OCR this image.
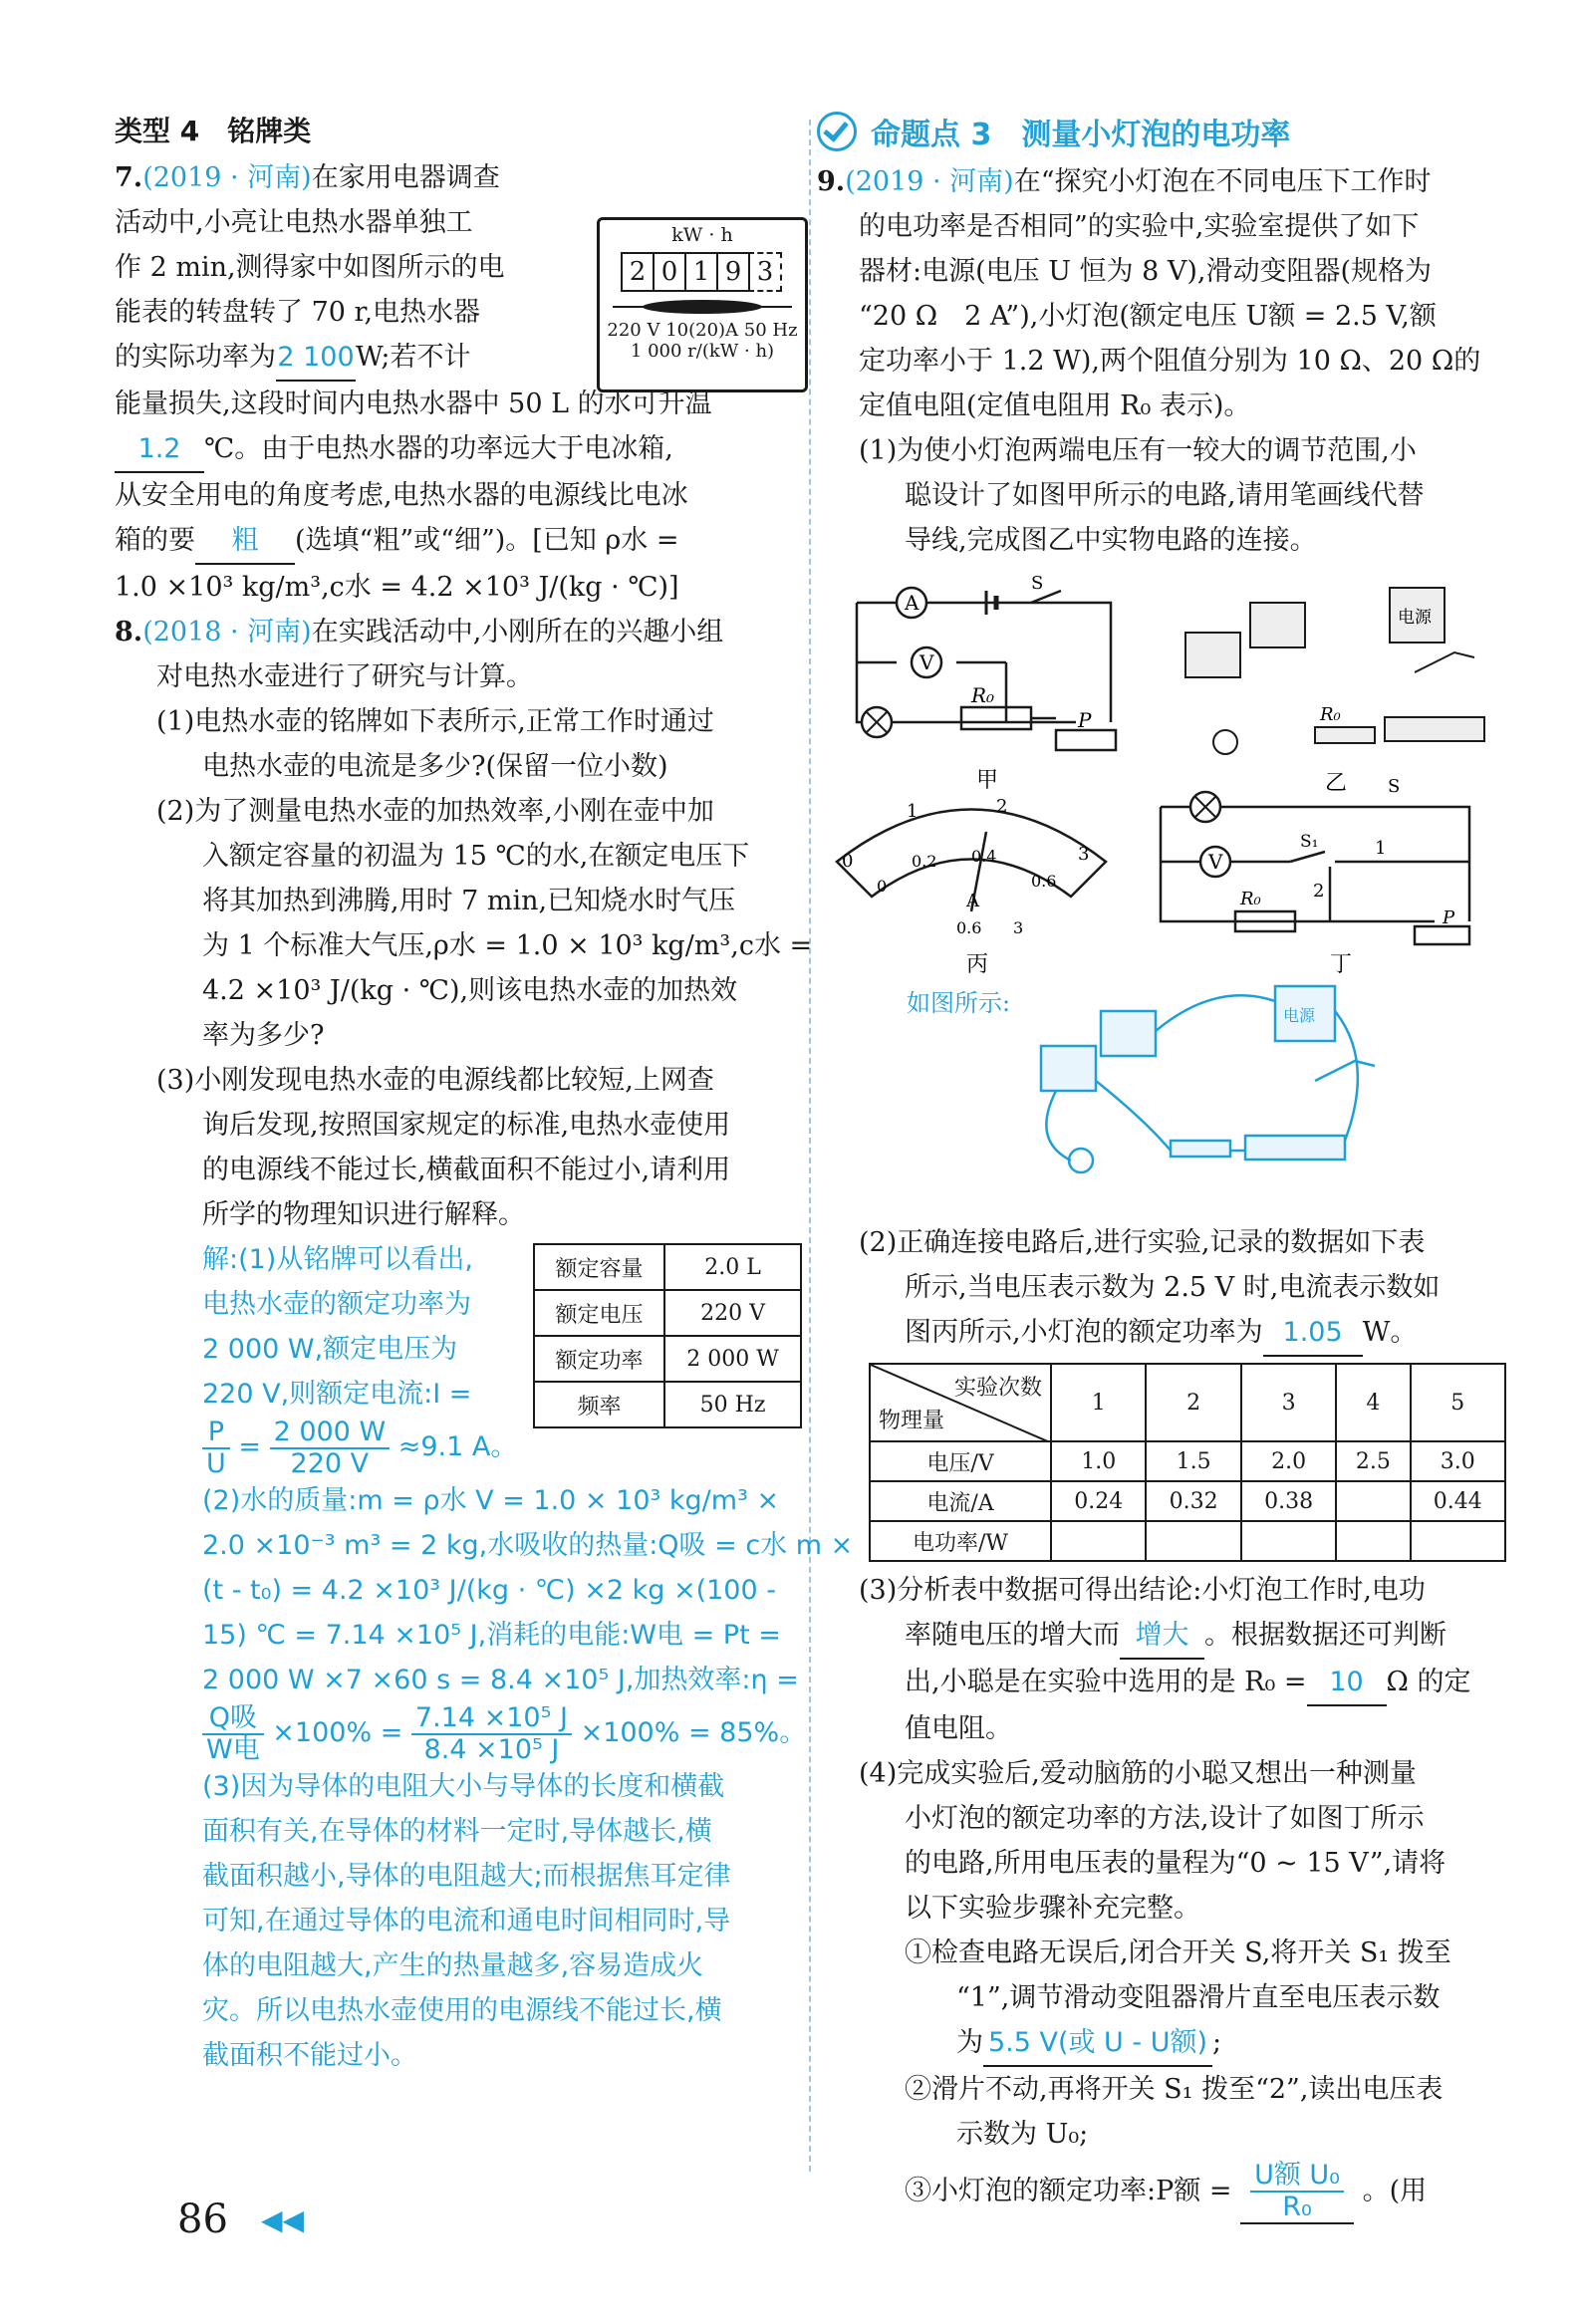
类型 4　铭牌类
7.(2019 · 河南)在家用电器调查
活动中,小亮让电热水器单独工
作 2 min,测得家中如图所示的电
能表的转盘转了 70 r,电热水器
的实际功率为2 100W;若不计
能量损失,这段时间内电热水器中 50 L 的水可升温
1.2 ℃。由于电热水器的功率远大于电冰箱,
从安全用电的角度考虑,电热水器的电源线比电冰
箱的要 粗 (选填“粗”或“细”)。[已知 ρ水 =
1.0 ×10³ kg/m³,c水 = 4.2 ×10³ J/(kg · ℃)]
kW · h
2 0 1 9 3
220 V 10(20)A 50 Hz
1 000 r/(kW · h)
8.(2018 · 河南)在实践活动中,小刚所在的兴趣小组
对电热水壶进行了研究与计算。
(1)电热水壶的铭牌如下表所示,正常工作时通过
电热水壶的电流是多少?(保留一位小数)
(2)为了测量电热水壶的加热效率,小刚在壶中加
入额定容量的初温为 15 ℃的水,在额定电压下
将其加热到沸腾,用时 7 min,已知烧水时气压
为 1 个标准大气压,ρ水 = 1.0 × 10³ kg/m³,c水 =
4.2 ×10³ J/(kg · ℃),则该电热水壶的加热效
率为多少?
(3)小刚发现电热水壶的电源线都比较短,上网查
询后发现,按照国家规定的标准,电热水壶使用
的电源线不能过长,横截面积不能过小,请利用
所学的物理知识进行解释。
解:(1)从铭牌可以看出,
电热水壶的额定功率为
2 000 W,额定电压为
220 V,则额定电流:I =
$\frac{P}{U} = \frac{2 000 W}{220 V} \approx 9.1$ A。
(2)水的质量:m = ρ水 V = 1.0 × 10³ kg/m³ ×
2.0 ×10⁻³ m³ = 2 kg,水吸收的热量:Q吸 = c水 m ×
(t - t₀) = 4.2 ×10³ J/(kg · ℃) ×2 kg ×(100 -
15) ℃ = 7.14 ×10⁵ J,消耗的电能:W电 = Pt =
2 000 W ×7 ×60 s = 8.4 ×10⁵ J,加热效率:η =
$\frac{\text{Q吸}}{\text{W电}} \times 100\% = \frac{\text{7.14 ×10⁵ J}}{\text{8.4 ×10⁵ J}} \times 100\% = 85\%$。
(3)因为导体的电阻大小与导体的长度和横截
面积有关,在导体的材料一定时,导体越长,横
截面积越小,导体的电阻越大;而根据焦耳定律
可知,在通过导体的电流和通电时间相同时,导
体的电阻越大,产生的热量越多,容易造成火
灾。所以电热水壶使用的电源线不能过长,横
截面积不能过小。
额定容量	2.0 L
额定电压	220 V
额定功率	2 000 W
频率	50 Hz
命题点 3　测量小灯泡的电功率
9.(2019 · 河南)在“探究小灯泡在不同电压下工作时
的电功率是否相同”的实验中,实验室提供了如下
器材:电源(电压 U 恒为 8 V),滑动变阻器(规格为
“20 Ω　2 A”),小灯泡(额定电压 U额 = 2.5 V,额
定功率小于 1.2 W),两个阻值分别为 10 Ω、20 Ω的
定值电阻(定值电阻用 R₀ 表示)。
(1)为使小灯泡两端电压有一较大的调节范围,小
聪设计了如图甲所示的电路,请用笔画线代替
导线,完成图乙中实物电路的连接。
A
V
S
R₀
P
甲
电源
R₀
乙
0
1	2
3
0
0.2 0.4
0.6
A
0.6 3
丙
V
S₁	1
2
S
R₀
P
丁
如图所示:	电源
(2)正确连接电路后,进行实验,记录的数据如下表
所示,当电压表示数为 2.5 V 时,电流表示数如
图丙所示,小灯泡的额定功率为 1.05 W。
实验次数
物理量	1	2	3	4	5
电压/V	1.0	1.5	2.0	2.5	3.0
电流/A	0.24	0.32	0.38		0.44
电功率/W					
(3)分析表中数据可得出结论:小灯泡工作时,电功
率随电压的增大而 增大 。根据数据还可判断
出,小聪是在实验中选用的是 R₀ = 10 Ω 的定
值电阻。
(4)完成实验后,爱动脑筋的小聪又想出一种测量
小灯泡的额定功率的方法,设计了如图丁所示
的电路,所用电压表的量程为“0 ~ 15 V”,请将
以下实验步骤补充完整。
①检查电路无误后,闭合开关 S,将开关 S₁ 拨至
“1”,调节滑动变阻器滑片直至电压表示数
为 5.5 V(或 U - U额) ;
②滑片不动,再将开关 S₁ 拨至“2”,读出电压表
示数为 U₀;
③小灯泡的额定功率:P额 = $\frac{\text{U额 U₀}}{\text{R₀}}$ 。(用
86 ◀◀
